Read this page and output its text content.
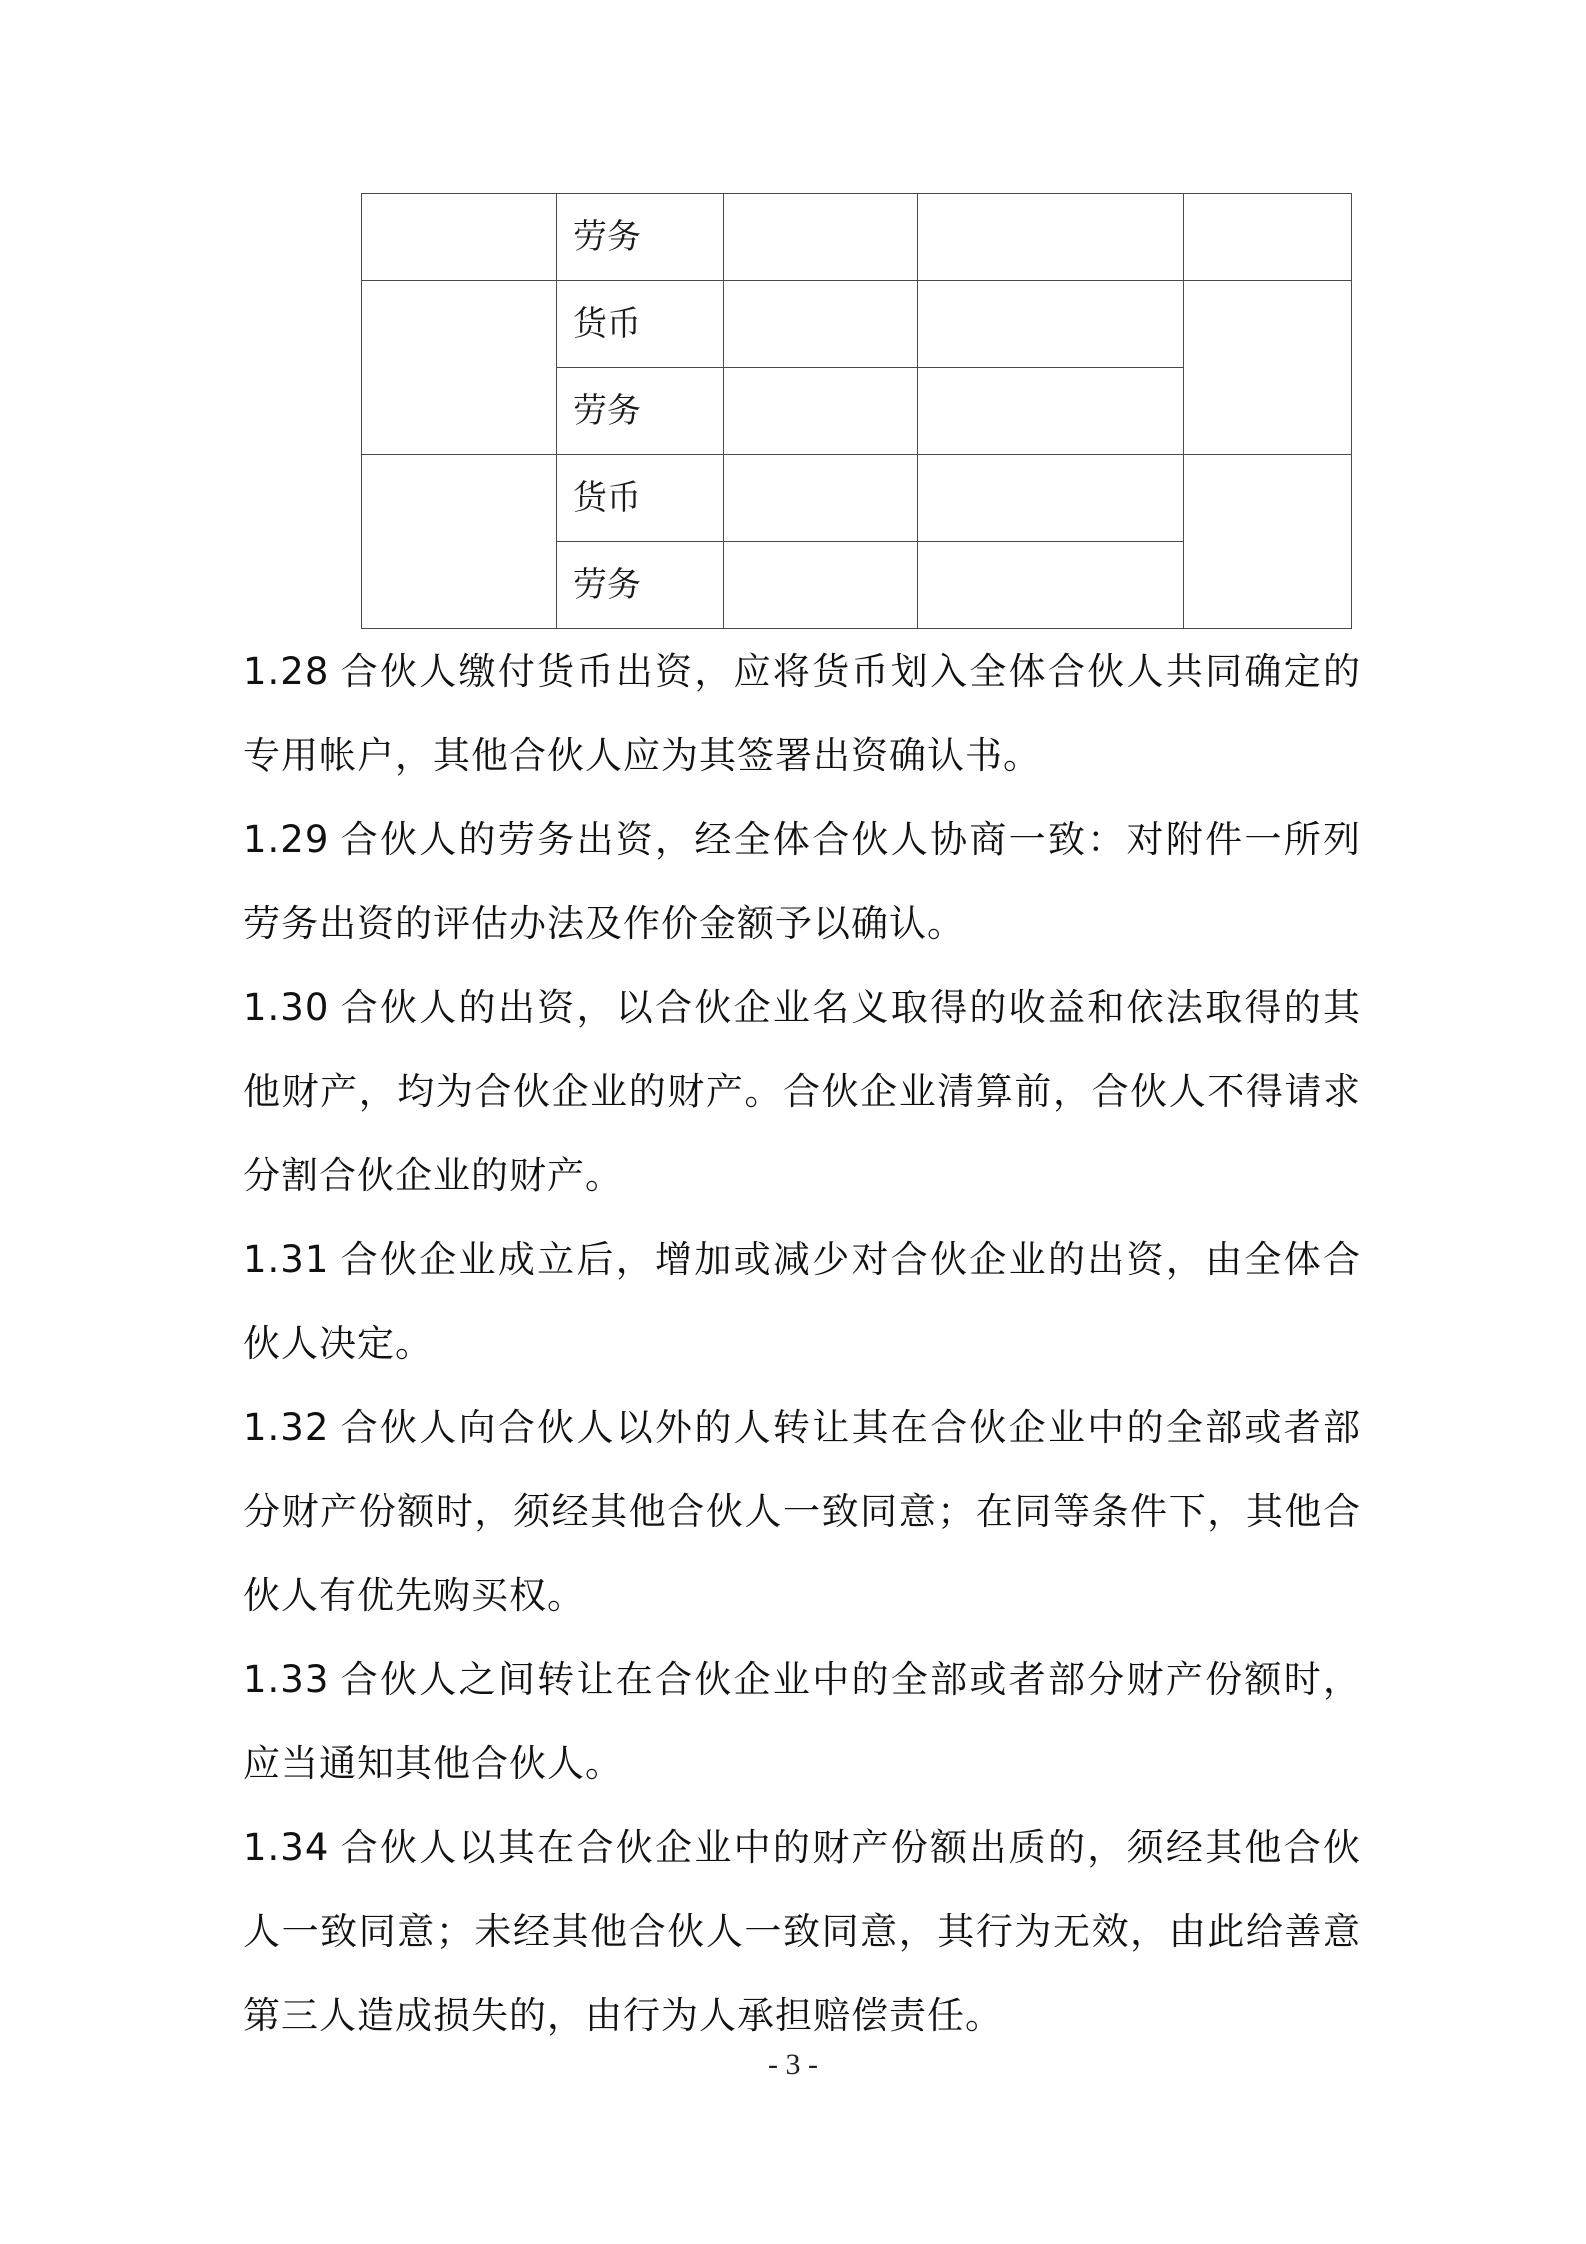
	劳务			
	货币			
	劳务			
	货币			
	劳务			

1.28 合伙人缴付货币出资，应将货币划入全体合伙人共同确定的专用帐户，其他合伙人应为其签署出资确认书。

1.29 合伙人的劳务出资，经全体合伙人协商一致：对附件一所列劳务出资的评估办法及作价金额予以确认。

1.30 合伙人的出资，以合伙企业名义取得的收益和依法取得的其他财产，均为合伙企业的财产。合伙企业清算前，合伙人不得请求分割合伙企业的财产。

1.31 合伙企业成立后，增加或减少对合伙企业的出资，由全体合伙人决定。

1.32 合伙人向合伙人以外的人转让其在合伙企业中的全部或者部分财产份额时，须经其他合伙人一致同意；在同等条件下，其他合伙人有优先购买权。

1.33 合伙人之间转让在合伙企业中的全部或者部分财产份额时，应当通知其他合伙人。

1.34 合伙人以其在合伙企业中的财产份额出质的，须经其他合伙人一致同意；未经其他合伙人一致同意，其行为无效，由此给善意第三人造成损失的，由行为人承担赔偿责任。

- 3 -
